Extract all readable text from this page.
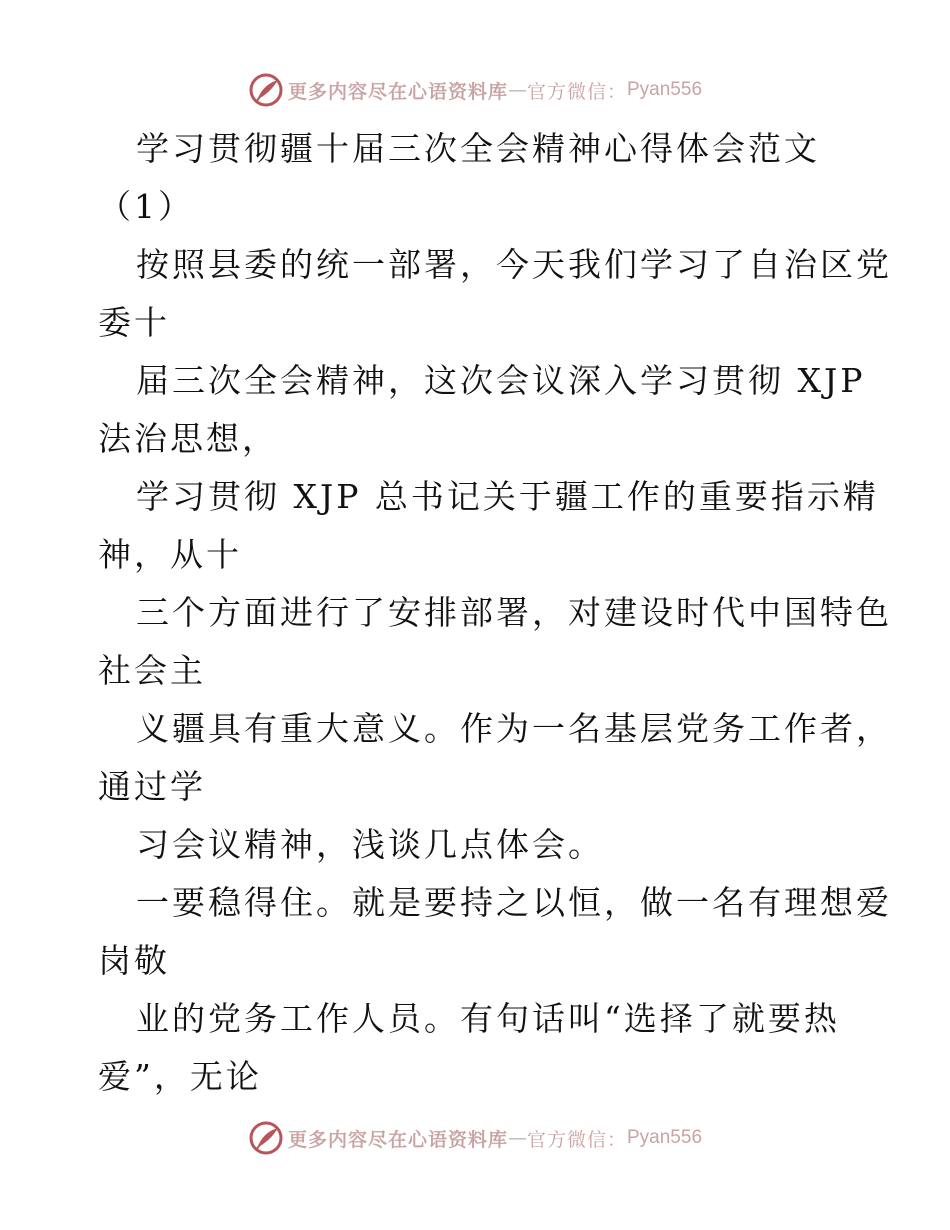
更多内容尽在心语资料库 — 官方微信： Pyan556
学习贯彻疆十届三次全会精神心得体会范文
（1）
按照县委的统一部署，今天我们学习了自治区党
委十
届三次全会精神，这次会议深入学习贯彻 XJP
法治思想，
学习贯彻 XJP 总书记关于疆工作的重要指示精
神，从十
三个方面进行了安排部署，对建设时代中国特色
社会主
义疆具有重大意义。作为一名基层党务工作者，
通过学
习会议精神，浅谈几点体会。
一要稳得住。就是要持之以恒，做一名有理想爱
岗敬
业的党务工作人员。有句话叫“选择了就要热
爱”，无论
更多内容尽在心语资料库 — 官方微信： Pyan556
